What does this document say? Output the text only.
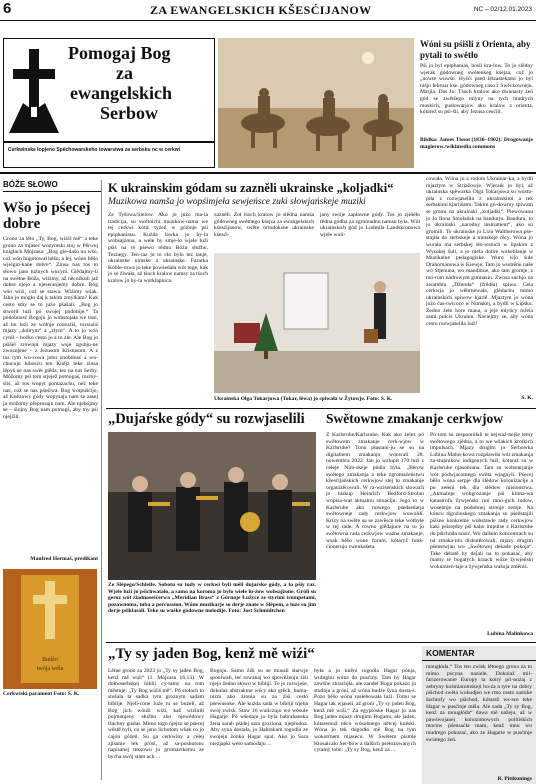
6	ZA EWANGELSKICH KŠESĆIJANOW	NC – 02/12.01.2023
Pomogaj Bog
za
ewangelskich
Serbow
Cerkwinske łopjeno Spěchowarskeho towarstwa za serbsku nc w cerkwi
Wóni su pśišli z Orienta, aby pytali to swětło
Pśi jo byl epiphanias, bosli kra-low. To jo slědny wjerak gódowneg swětenkeg kśejza, což jo „nowte wuwśe. Hyšći pśed lětzastekami jo byl nišpi februar kśe. gódowneg caso z Swěckowneju. Marjia. Das Jo: Tśoch kralow ako dwanasty źeń gód se zwětšego mlyny na tych mudrych muskich, gusłowarjow ako kralow z orienta, kótarež su pśi-šli, aby Jezusa cesćili.
Bildka: James Tissot (1836–1902): Drogowanje magierow./wikimedia commons
BÓŽE SŁOWO
Wšo jo pśecej dobre
Grono za lěto „Ty, Bog, wiźiš mě“ a teke grono za mjasec wozymski stoj w Pěrwej knigłach Mójzasa: „Bog gle-dašo na wšo, což wón hugotował běšo; a lej, wóno běšo wjelgin-kane dobre“. Zinsa nas tos to słowo jano tužnych wucyni. Glědajmy-li na swětne Bóža, wiźimy, až něcožkuli jaž dobre njejo a njeseranjemy dobre. Bóg wšo wiźi, což se stawa. Wiźimy wšak. Jako jo mógło daj k takim zmýlkam? Kak cesto smy se to jużo pšašali. „Bog jo stworił luźi pó swojej pódobije.“ Ta pódobnosć Bogoju jo wobstojała we tom, až bu luźi ze wólnje rozsuźiś, rozsuźiś mjazy „dobrym“ a „złym“. A to jo wón cynił – božko cesto jo a to zle. Ale Bog jo pśišel zrownju mjazy wsje zgubju-ne zwóznjene – z Jezusom Kristusom. A z tos tym wo-cowa jobu znobiłosć a wu-chucuju lubosću ten Knějz teke zinsa lěpyš ne nas swět glěda, tez na nas Serby. Móžomy pśi tom srjejež pomogaś, rozmy-sliś, až tos wopyt pomazachu, než teke nas, což se nas pśeśiwa. Bog wótpušćijo, až Knězowy gódy wopysaju nam se zasej ja móžomy přeprosaju nam. Ale njebójmy se – śiojny Bog nam pomogś, aby my pśi njejźili.
Manfred Hermaš, predikant
Budźo
twója wóla
Cerkwiski parament Foto: S. K.
K ukrainskim gódam su zazněli ukrainske „koljadki“
Muzikowa namša jo wopśimjeła sewjeńsce zuki słowjańskeje muziki
Ze Tyšowa/Sielow. Ako jo jużo ma-la tradicija, su swětnichi muzikow-nama we tej cerkwi kótá: tyźeń w góźinje pśi epiphaniasu. Kuźda lawka jo by-la wobsajźona, a wele by smje-lo wjele luźi pśiś na te pśewo rědnu Bóźu słužbu. Teznegy. Ten-raz jo to cło było tez tanje, ukrainske nimske a ukrainske. Fararka Kóble-rowa jo teke powśedała wót toge, kak jo se žiwała, až tśoch kralow namsy za tśoch kralow jo by-la wotklapnica.
zazněli. Źoł tśoch kralow jo slědna namša gódowneg swětnego kśejza za ewangelskich kśesćijanow, swěte ortodoksne ukrainske kśesći-
jany swóje zapławne gódy. Toś jo zješéło rědna gódba za zgromadnu namsu była. Wót ukrainskich gód jo Ludmila Landskronowa wjele wuli-
cowała. Wóna jo z rodom Ukrainar-ka, a bydli mjaztym w Strjažowje. Wjeraik jo byl, až ukrainska spěwarka Olga Tokarjowa su wustu-piła z rozwjaseliła z ukrainskimi a tek serbskimi kjarlišami. Takim gó-dowmy spiwam se gromi na ukrainski „koljadki“. Piewowanu jo Jo Ilona Smolańsk na bandurju. Bandura, to jo ukrainski „narodny instrument“, ako su gromili. To ukrainske jo Lizu Waltherowa pśe-stajiła do serbskeje a nimskeje rěcy. Wóna jo wurała ma serbskej sło-wstuch w lipskim z Wysokej šuli, a jo mela dobre wukeblanje w Muzikalne pedagogiske. Wuro wjo śule Drahomanowa w Kiewje. Tam jo wudrěnu naše wo Stjenuna, wo mandimie, ako tam gromje, z mo-rom nadrowym gimnasiu. Zwosa suchjo na awambla „Džereła“ (žrědła) spiwa. Cela cerkwja jo wěbrnewała, glědachu mimo ukrainskich spiwow kjarlě. Mjaztym jo wóna jużo čas-twicoce w Nimskej, a bydli w Lipsku. Źedno źeło hore mana, a jeje młyńcy mřela sami pulcis Ukrainu. Naciejmy se, aby wóna cesto rozwjaseliła luźi!
S. K.
Ukrainska Olga Tokarjowa (Tokar, lěwa) jo spiwała w Žytowje. Foto: S. K.
„Dujaŕske gódy“ su rozwjaselili
Ze Slěpego/Schleife. Sobotu su tudy w cerkwi byli měli dujaŕske gódy, a to pśiy raz. Wjele luźi jo pśichwatało, a samo na koroma jo bylo wiele lu-żow wobsajżone. Gróli su geroz wót źiadnosešćerwa „Meridian Brass“ z Górnoje Łužyce ze styrimi trompetami, pozawnoma, tuba a percussion. Wóne muzikarje so derje znate w Slěpem, a luźe su jim derje pśiklasali. Teke su wuške gódowne melodije. Foto: Jost Schmidtchen
Swětowne zmakanje cerkwjow
Z Karlsruhe/Karlsruhe. Kak ako źelez pó swětowem zmakanje cerk-wjow w Karlsruhe? Tonu płasiani-ju se su na digitalnem zmakanju wónwali 28. nowembra 2022. Jan jo wzlupił 170 luźi z cełeje Nim-skeje půdla była. „Bérow swětego zmakanja a teke zgromaźeństwu kśesćijańskich cerkwjow stej to zmakanje organizěrowali. W ra-wziśeńskich slowach jo biskup Heinrich Bedford-Strohm wopisa-wał aktualnu situaciju. Jogo to w Karlsruhe ako nowego pśedsedarja swětowneje rady cerkwjow wuwoliłi. Krizy na swěte su se zawěsće teke wótbyłe w tej rade. A rowno glědajuce na to jo swětowna rada cerkwjow waźne zmakanje, wsak běšo wone forum, kótaryž funk-cionerujo zwenkašeta.
Pó tom su zesponniłali te nejwaź-nejše temy swětowego zjědna, a to we wšakich krotkich impulsach. Mjazy drugim jo Serbowka Lubina Malin-kowa rozpšawiła wót zmakanja za-stupnikow indigenych luźi, kótaraž su w Karlsruhe njasobrana. Tam su wobstarjanje wót pódwjacomego swěta wjagnyli. Pśecej běšo wóna serpje dla slědow kolonizacije a po zełeni tek dla slědow misionstwa. „Aktualnje wobgrozanje pśi klima-wa katastrofa žywjeński ruń mno-gich ludow, wosebnje na pódobnej stronje zemje. Na kóncu tšgoźinskego zmakanja su pśedstajili pśiśne konkretne wobstawie rady cerkwjow kaki pśisrędzy pśi kaho impulse z Karlsruhe do pśichoda nosić. Wo dalšem koncentrach su na zmaka-niu diskutěrowali, mjazy drugim pśenstwjau wo „Swětowej dekade pokoja“. Take debatě hy dejali na to pokasać, aby mamy te bogatých kraach wóże žywjeński wokumien-taje a žywjeńska wašnja změniś.
Lubina Malinkowa
„Ty sy jaden Bog, kenž mě wiźi“
Lětne grono za 2023 jo „Ty sy jaden Bog, kenž mě wiźi“ (1. Mójzasa 16,13). W dołnoserbskej biblii cy-tamy na tom městnje: „Ty Bog wiźiš mě“. Pó stołach to slušala ta sadka tym groznym sadam biblije. Njeli-cone luźe tu se bużeli, až Bog jich wóuši wiźi, kaž wiźiniłi pojmanjeny słužbu abo njewědowy tšachny gusłar. Mimo togo njejsu se pśecej wěstě byli, co se jano lichotom wšak co jo cajón góźeń. Su ga cerkwiny a cełej zjisanie tek prosi, až sa-poshutonc napisanej teksowu jo gromarskemu ze bycha swój stam ach ...
Bogoju. Samo źiši su se musali starwje sponiwałi, łeć rowanaj wó spowěźenju źiśi njejo žedno słowo w bibliji. To jo rozwjeśe, dokulaż abstraktne wěcy ako grěch, huma-nizm abo źronia su za źiśi cesto pśewusoke. Ale kuźda sada w bibliji trjeba swój zwisk. Staw 16 wuliczujo wó wósule Hagarje. Pó wšedaju jo byla babrahanska žena sarah pśidej sara groziona, njeplodna. Aby syna dostała, jo Habraham togodla ze swojeju żonku Hagar spal. Ako jo Sara niezjapki wéto samodaju ...
była a jo kněni togodla Hagar pónja, wubrgbu wóna do pusćiny. Tam by Hagar zawšńe zhrachjła, ale zandel Boga pokażo ju studnju a gróni, až wóna budźe šyna dosta-ś. Pozo běšo wóna rosłebowała luźi. Tomu se Hagar tak wjaseli, až grońi „Ty sy jaden Bog, kenž mě wiźi.“ Za egyptoske Hagar jo nas Bog jaden mjazy drugimi Bogami, ale jaden, kótaremuž něco wósobnego nětcej kněski. Wóna jo tek dogodło mě Bog na tym wokotrnem mjasecu. W Swětem pismie Ktosaicalo Ser-bow a dalšich pśełożowanych cytamy tobe: „Ty sy Bog, kenž za ...
KOMENTAR
mnugłóda.“ Tos ten zwisk lětnego grona za to mimo pścyna naziele. Dokulaž mil-farizerowanie Europy ta kotrý pri-nożaj z zebryny kośmiaromskeji hu-źa a tyre na dobry pśichod swěta wubudjeo we rmo cesto samike šachtofy wo pśichod, kótarež ws-sce teke Hagar w pusćinje měla. Ale sada „Ty sy Bog, kenž za mnugłóda“ dawa mě nažeju, až w pawśwojanej konozimowych politiskich mocow pśensaćła mam, kenž mnu wo mudrego pokazać, ako ze Hagarie w pusćinje swiatego źeń.
R. Pittkunings
